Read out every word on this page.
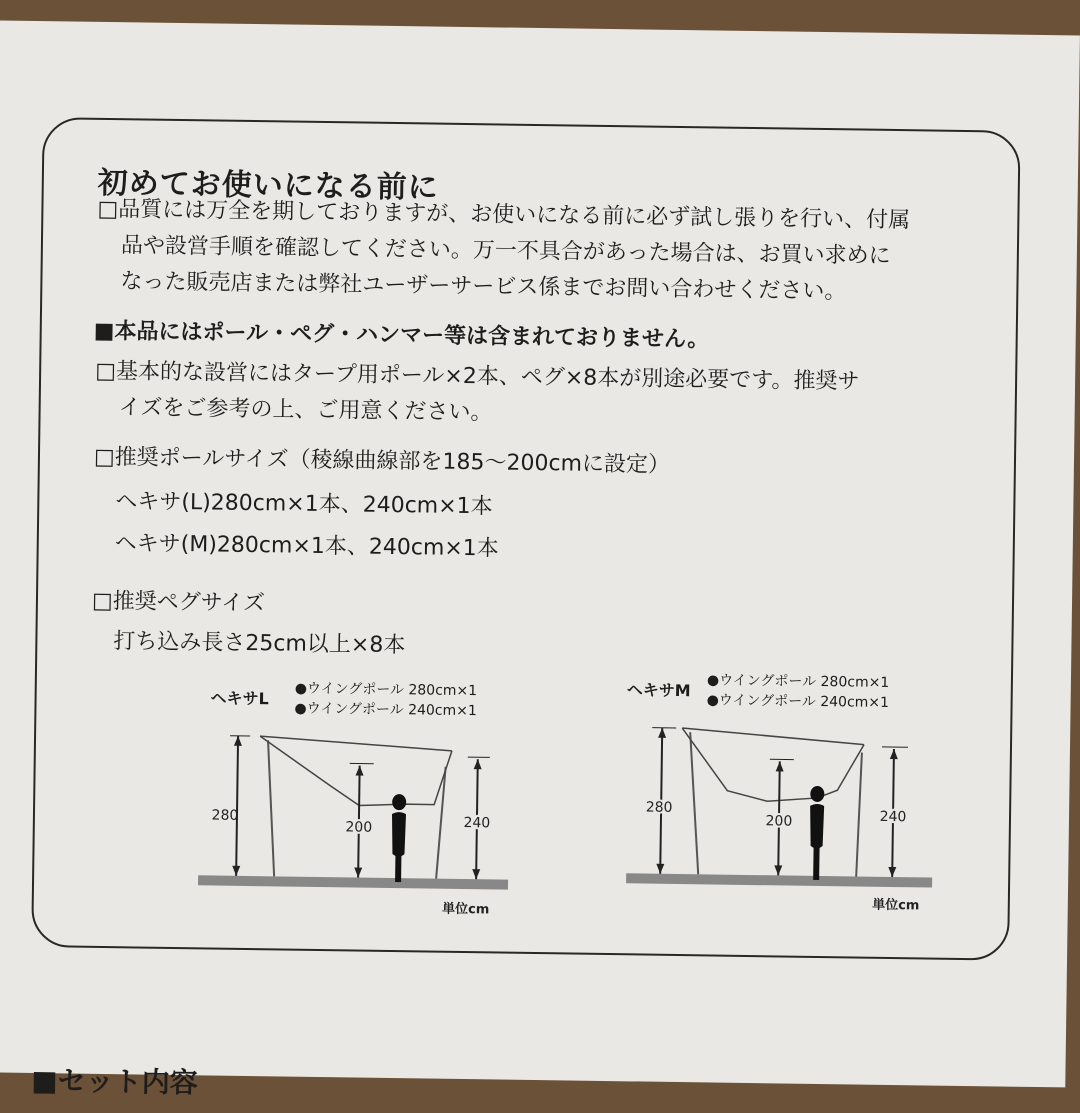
初めてお使いになる前に
□品質には万全を期しておりますが、お使いになる前に必ず試し張りを行い、付属
品や設営手順を確認してください。万一不具合があった場合は、お買い求めに
なった販売店または弊社ユーザーサービス係までお問い合わせください。
■本品にはポール・ペグ・ハンマー等は含まれておりません。
□基本的な設営にはタープ用ポール×2本、ペグ×8本が別途必要です。推奨サ
イズをご参考の上、ご用意ください。
□推奨ポールサイズ（稜線曲線部を185～200cmに設定）
ヘキサ(L)280cm×1本、240cm×1本
ヘキサ(M)280cm×1本、240cm×1本
□推奨ペグサイズ
打ち込み長さ25cm以上×8本
ヘキサL ●ウイングポール 280cm×1
●ウイングポール 240cm×1
280
200	240
単位cm
ヘキサM ●ウイングポール 280cm×1
●ウイングポール 240cm×1
280
200	240
単位cm
■セット内容
